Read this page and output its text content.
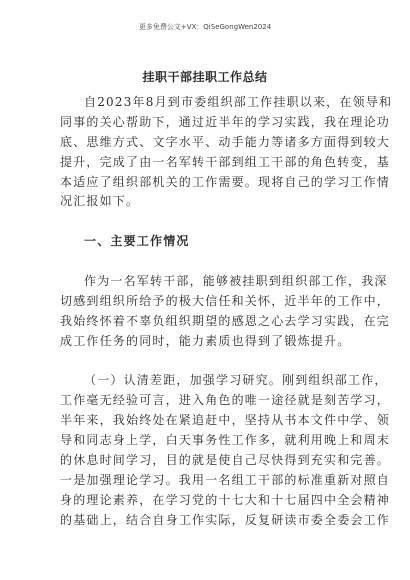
更多免费公文+VX：QiSeGongWen2024
挂职干部挂职工作总结
自2023年8月到市委组织部工作挂职以来，在领导和
同事的关心帮助下，通过近半年的学习实践，我在理论功
底、思维方式、文字水平、动手能力等诸多方面得到较大
提升，完成了由一名军转干部到组工干部的角色转变，基
本适应了组织部机关的工作需要。现将自己的学习工作情
况汇报如下。
一、主要工作情况
作为一名军转干部，能够被挂职到组织部工作，我深
切感到组织所给予的极大信任和关怀，近半年的工作中，
我始终怀着不辜负组织期望的感恩之心去学习实践，在完
成工作任务的同时，能力素质也得到了锻炼提升。
（一）认清差距，加强学习研究。刚到组织部工作，
工作毫无经验可言，进入角色的唯一途径就是刻苦学习，
半年来，我始终处在紧追赶中，坚持从书本文件中学、领
导和同志身上学，白天事务性工作多，就利用晚上和周末
的休息时间学习，目的就是使自己尽快得到充实和完善。
一是加强理论学习。我用一名组工干部的标准重新对照自
身的理论素养，在学习党的十七大和十七届四中全会精神
的基础上，结合自身工作实际，反复研读市委全委会工作
